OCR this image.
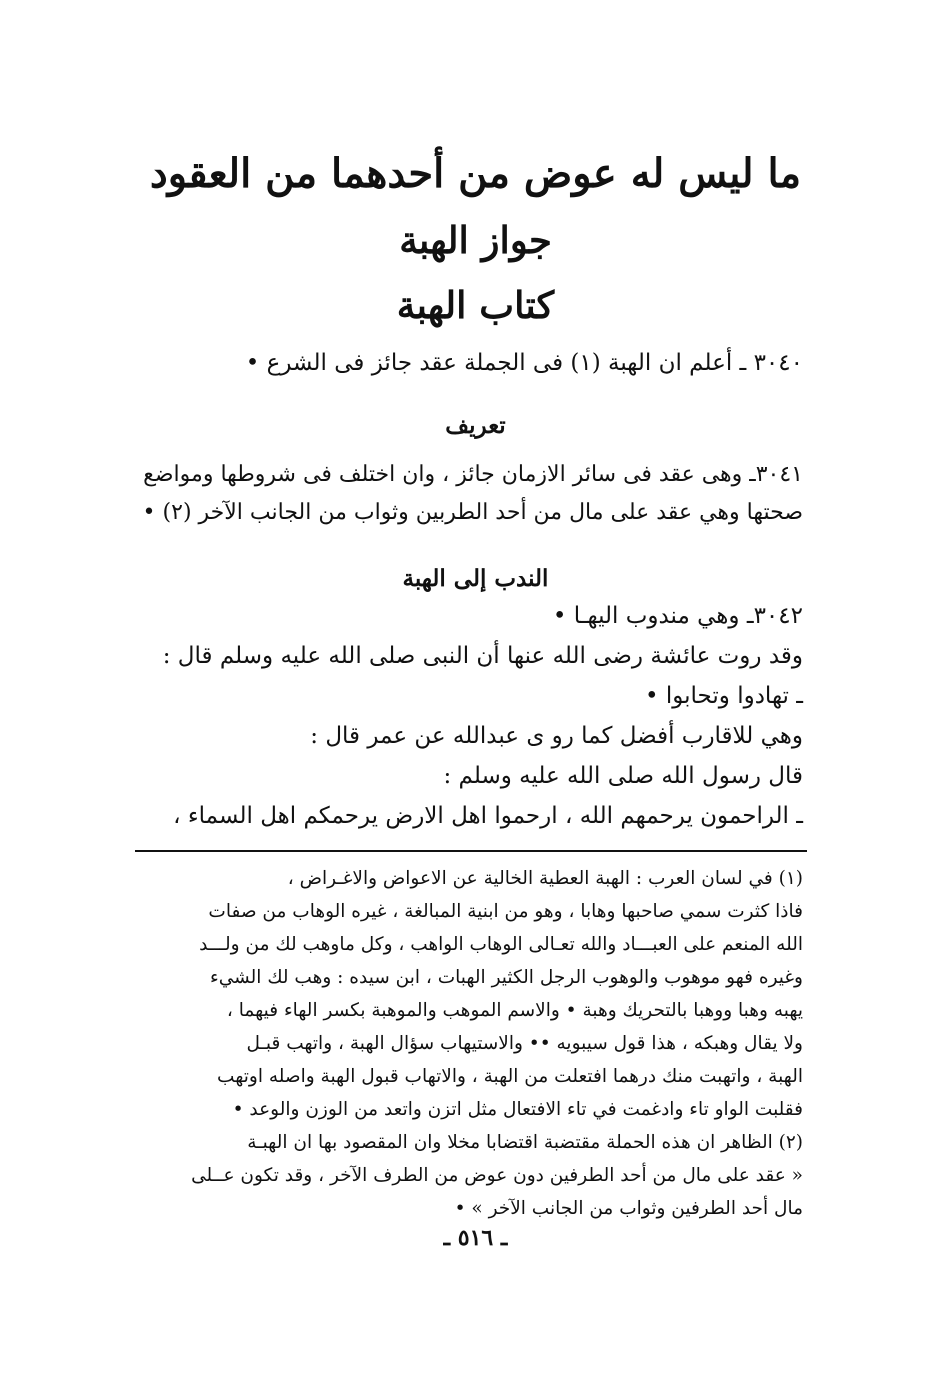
ما ليس له عوض من أحدهما من العقود
جواز الهبة
كتاب الهبة
٣٠٤٠ ـ أعلم ان الهبة (١) فى الجملة عقد جائز فى الشرع •
تعريف
٣٠٤١ـ وهى عقد فى سائر الازمان جائز ، وان اختلف فى شروطها ومواضع
صحتها وهي عقد على مال من أحد الطربين وثواب من الجانب الآخر (٢) •
الندب إلى الهبة
٣٠٤٢ـ وهي مندوب اليهـا •
وقد روت عائشة رضى الله عنها أن النبى صلى الله عليه وسلم قال :
ـ تهادوا وتحابوا •
وهي للاقارب أفضل كما رو ى عبدالله عن عمر قال :
قال رسول الله صلى الله عليه وسلم :
ـ الراحمون يرحمهم الله ، ارحموا اهل الارض يرحمكم اهل السماء ،
(١) في لسان العرب : الهبة العطية الخالية عن الاعواض والاغـراض ،
فاذا كثرت سمي صاحبها وهابا ، وهو من ابنية المبالغة ، غيره الوهاب من صفات
الله المنعم على العبـــاد والله تعـالى الوهاب الواهب ، وكل ماوهب لك من ولـــد
وغيره فهو موهوب والوهوب الرجل الكثير الهبات ، ابن سيده : وهب لك الشيء
يهبه وهبا ووهبا بالتحريك وهبة • والاسم الموهب والموهبة بكسر الهاء فيهما ،
ولا يقال وهبكه ، هذا قول سيبويه •• والاستيهاب سؤال الهبة ، واتهب قبـل
الهبة ، واتهبت منك درهما افتعلت من الهبة ، والاتهاب قبول الهبة واصله اوتهب
فقلبت الواو تاء وادغمت في تاء الافتعال مثل اتزن واتعد من الوزن والوعد •
(٢) الظاهر ان هذه الحملة مقتضبة اقتضابا مخلا وان المقصود بها ان الهبـة
« عقد على مال من أحد الطرفين دون عوض من الطرف الآخر ، وقد تكون عــلى
مال أحد الطرفين وثواب من الجانب الآخر » •
ـ ٥١٦ ـ
